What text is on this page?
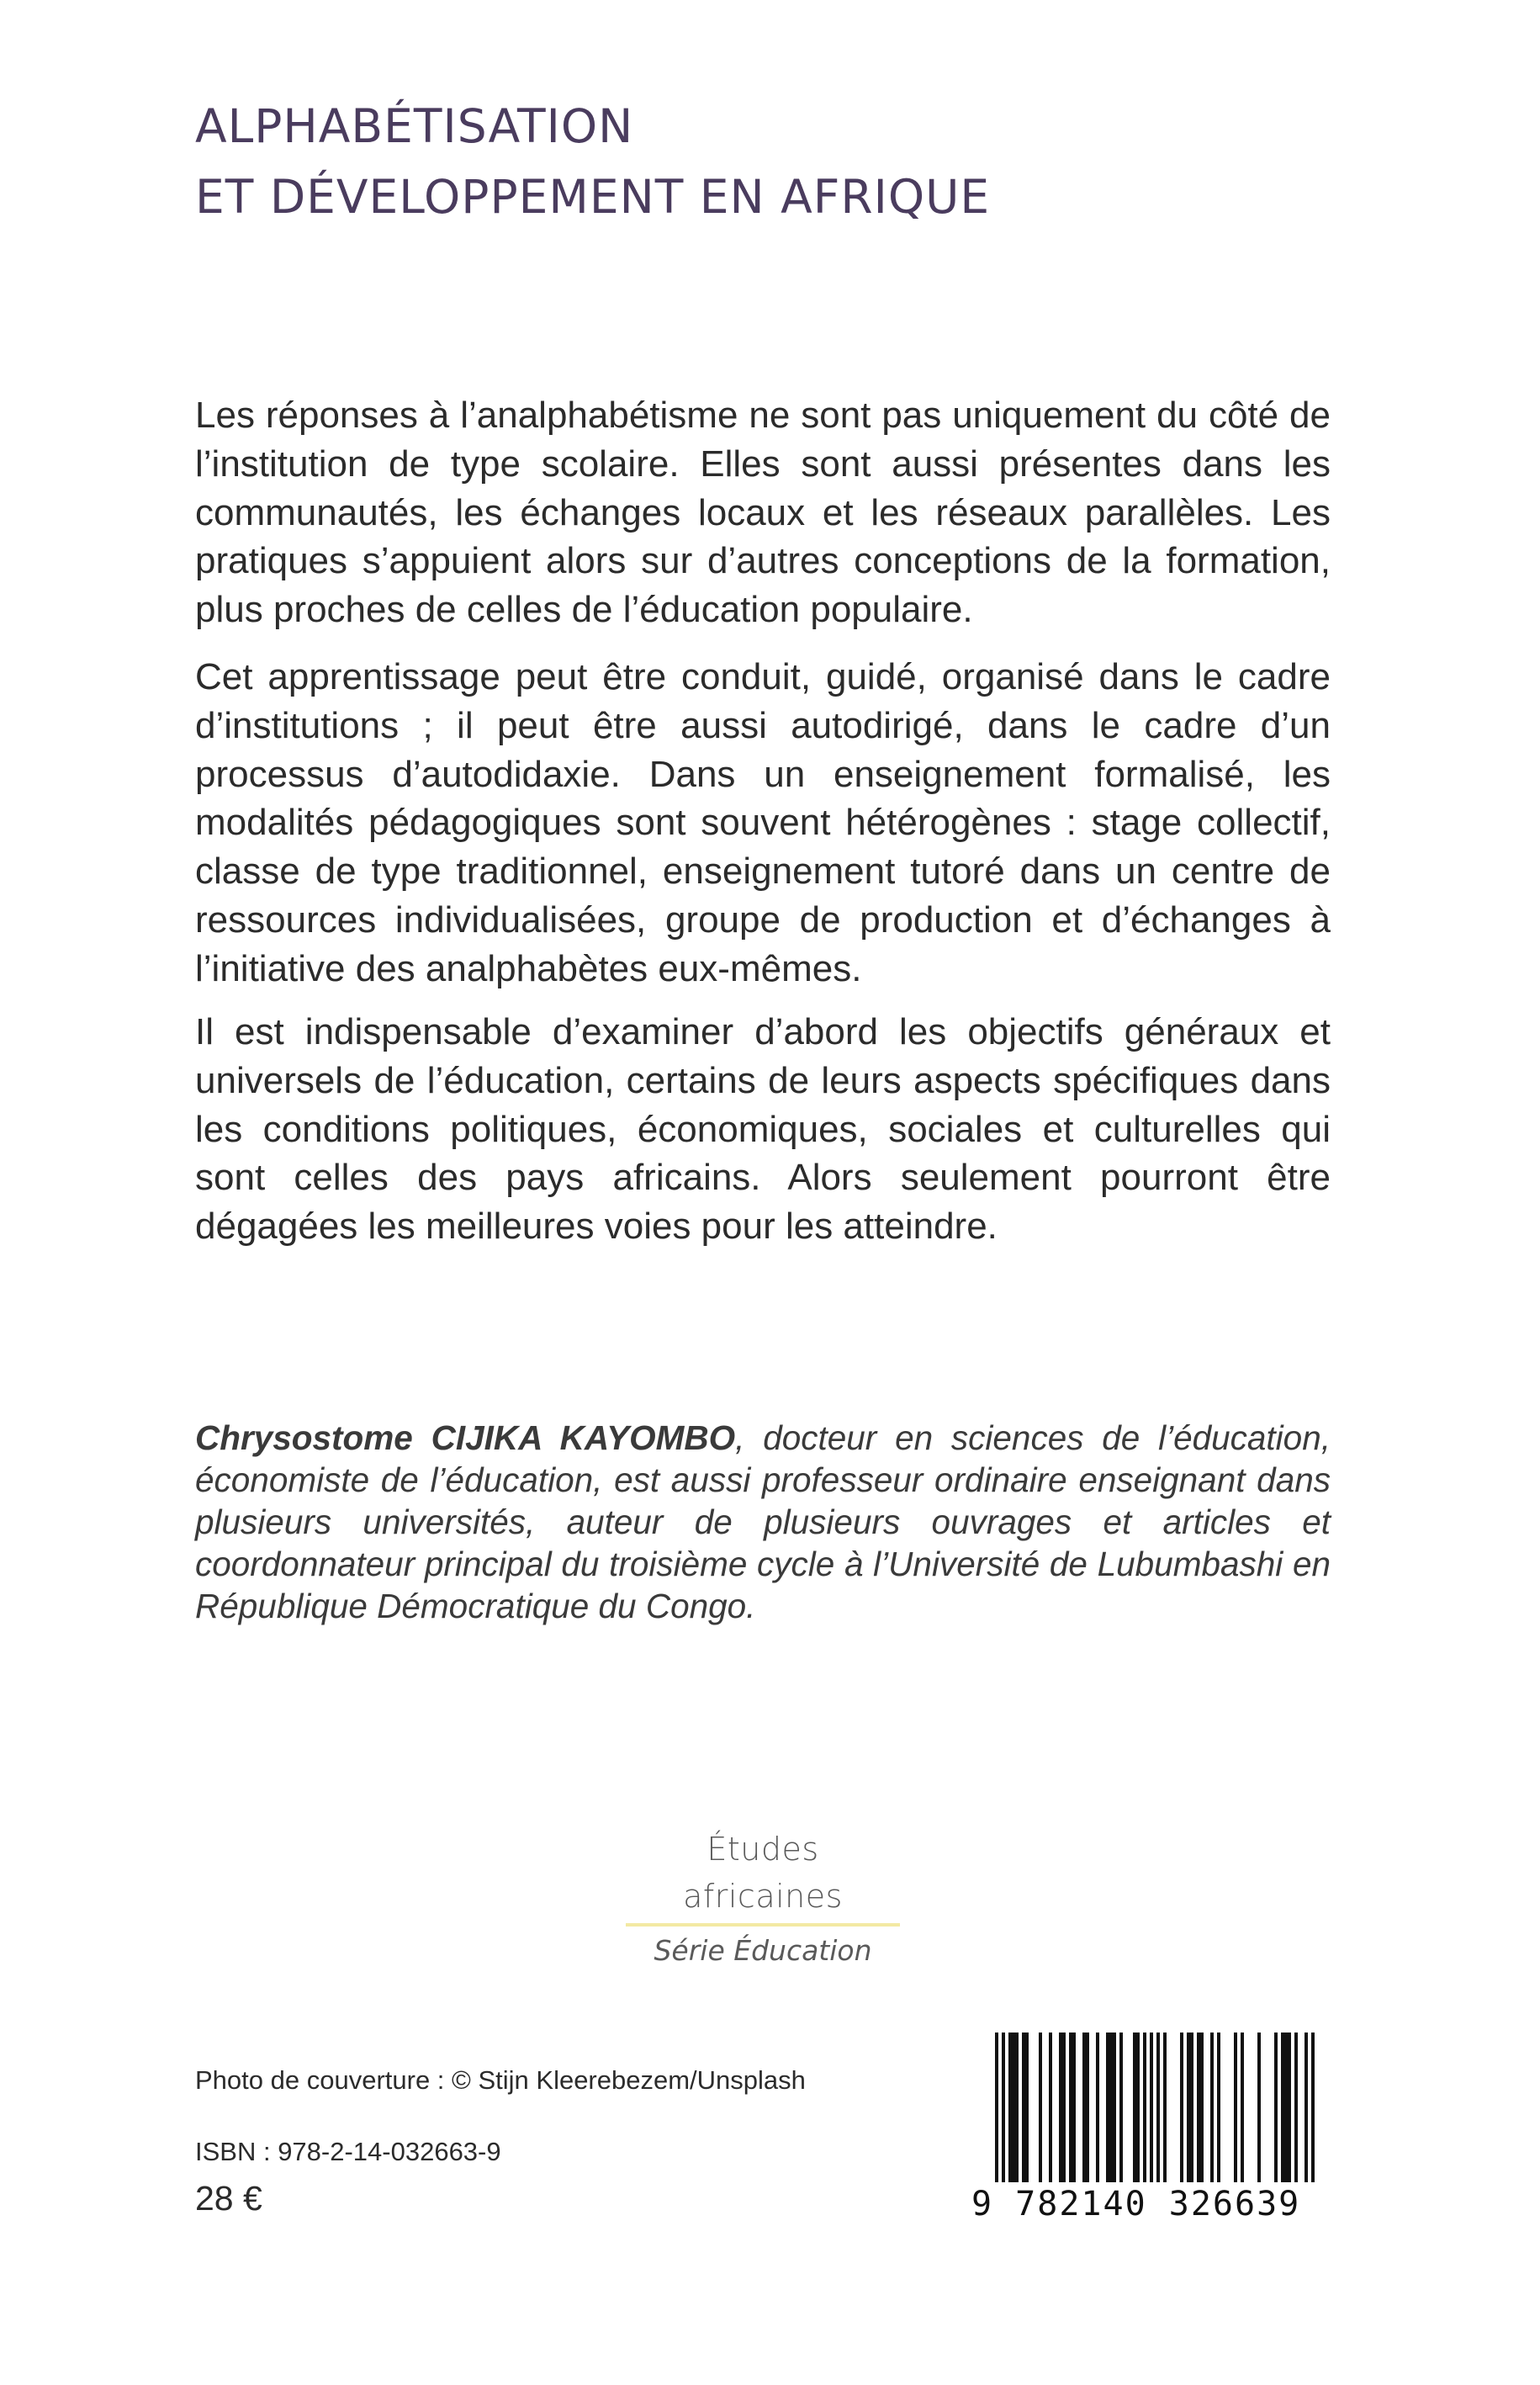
ALPHABÉTISATION
ET DÉVELOPPEMENT EN AFRIQUE

Les réponses à l’analphabétisme ne sont pas uniquement du côté de l’institution de type scolaire. Elles sont aussi présentes dans les communautés, les échanges locaux et les réseaux parallèles. Les pratiques s’appuient alors sur d’autres conceptions de la formation, plus proches de celles de l’éducation populaire.

Cet apprentissage peut être conduit, guidé, organisé dans le cadre d’institutions ; il peut être aussi autodirigé, dans le cadre d’un processus d’autodidaxie. Dans un enseignement formalisé, les modalités pédagogiques sont souvent hétérogènes : stage collectif, classe de type traditionnel, enseignement tutoré dans un centre de ressources individualisées, groupe de production et d’échanges à l’initiative des analphabètes eux-mêmes.

Il est indispensable d’examiner d’abord les objectifs généraux et universels de l’éducation, certains de leurs aspects spécifiques dans les conditions politiques, économiques, sociales et culturelles qui sont celles des pays africains. Alors seulement pourront être dégagées les meilleures voies pour les atteindre.

Chrysostome CIJIKA KAYOMBO, docteur en sciences de l’éducation, économiste de l’éducation, est aussi professeur ordinaire enseignant dans plusieurs universités, auteur de plusieurs ouvrages et articles et coordonnateur principal du troisième cycle à l’Université de Lubumbashi en République Démocratique du Congo.

Études africaines
Série Éducation
Photo de couverture : © Stijn Kleerebezem/Unsplash
ISBN : 978-2-14-032663-9
28 €	9 782140 326639
